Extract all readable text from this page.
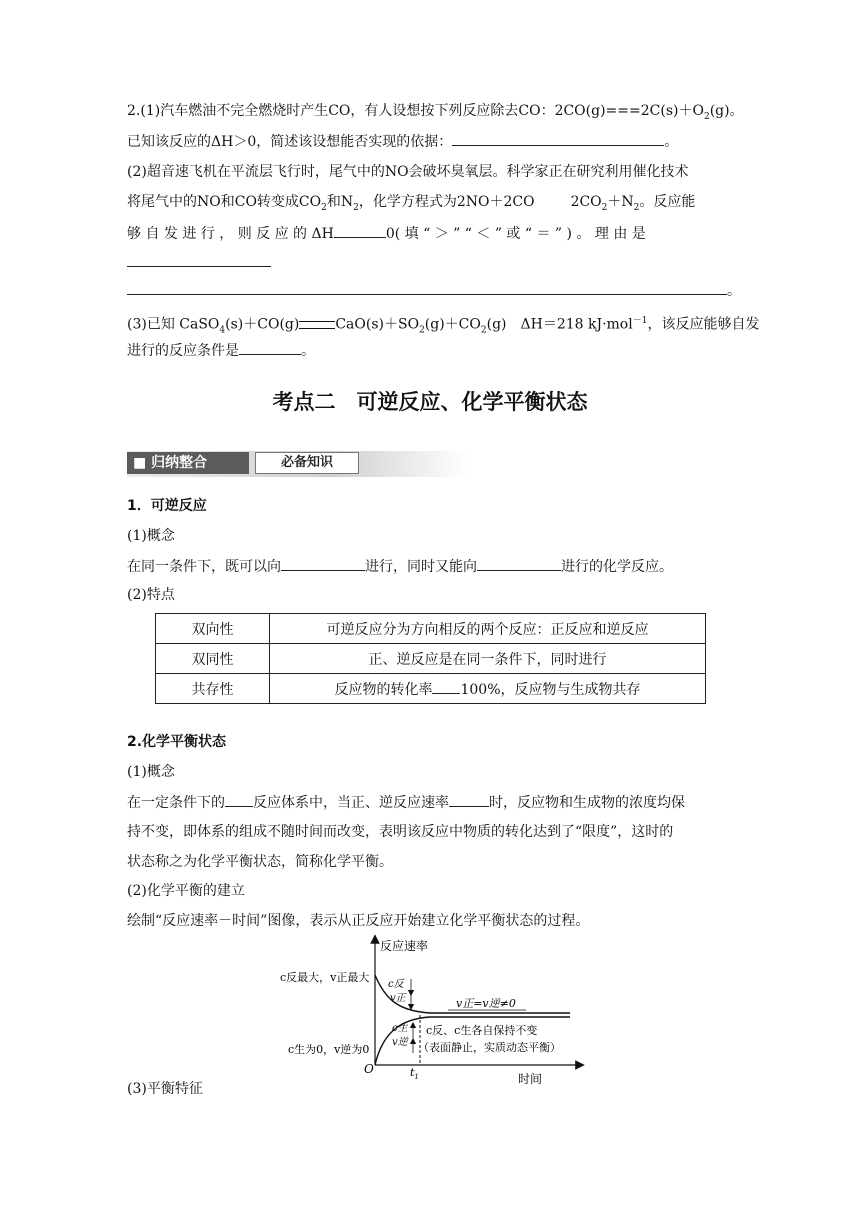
2.(1)汽车燃油不完全燃烧时产生CO，有人设想按下列反应除去CO：$2CO(g)===2C(s)+O_2(g)$。
已知该反应的ΔH＞0，简述该设想能否实现的依据：	。
(2)超音速飞机在平流层飞行时，尾气中的NO会破坏臭氧层。科学家正在研究利用催化技术
将尾气中的NO和CO转变成$CO_2$和$N_2$，化学方程式为2NO＋2CO	$2CO_2+N_2$。反应能
够 自 发 进 行 ， 则 反 应 的 ΔH	0( 填 “ ＞ ” “ ＜ ” 或 “ ＝ ” ) 。 理 由 是
。
(3)已知 CaSO$_4$(s)＋CO(g)	$CaO(s)+SO_2(g)+CO_2(g)$　ΔH＝218 kJ·mol$^{-1}$，该反应能够自发
进行的反应条件是	。
考点二　可逆反应、化学平衡状态
■ 归纳整合	必备知识
1．可逆反应
(1)概念
在同一条件下，既可以向	进行，同时又能向	进行的化学反应。
(2)特点
双向性	可逆反应分为方向相反的两个反应：正反应和逆反应
双同性	正、逆反应是在同一条件下，同时进行
共存性	反应物的转化率 100%，反应物与生成物共存
2.化学平衡状态
(1)概念
在一定条件下的 反应体系中，当正、逆反应速率	时，反应物和生成物的浓度均保
持不变，即体系的组成不随时间而改变，表明该反应中物质的转化达到了“限度”，这时的
状态称之为化学平衡状态，简称化学平衡。
(2)化学平衡的建立
绘制“反应速率－时间”图像，表示从正反应开始建立化学平衡状态的过程。
反应速率
时间
O	$t_1$
c反最大，v正最大
c生为0，v逆为0
c反
v正
c生
v逆
v正=v逆≠0
c反、c生各自保持不变
（表面静止，实质动态平衡）
(3)平衡特征
